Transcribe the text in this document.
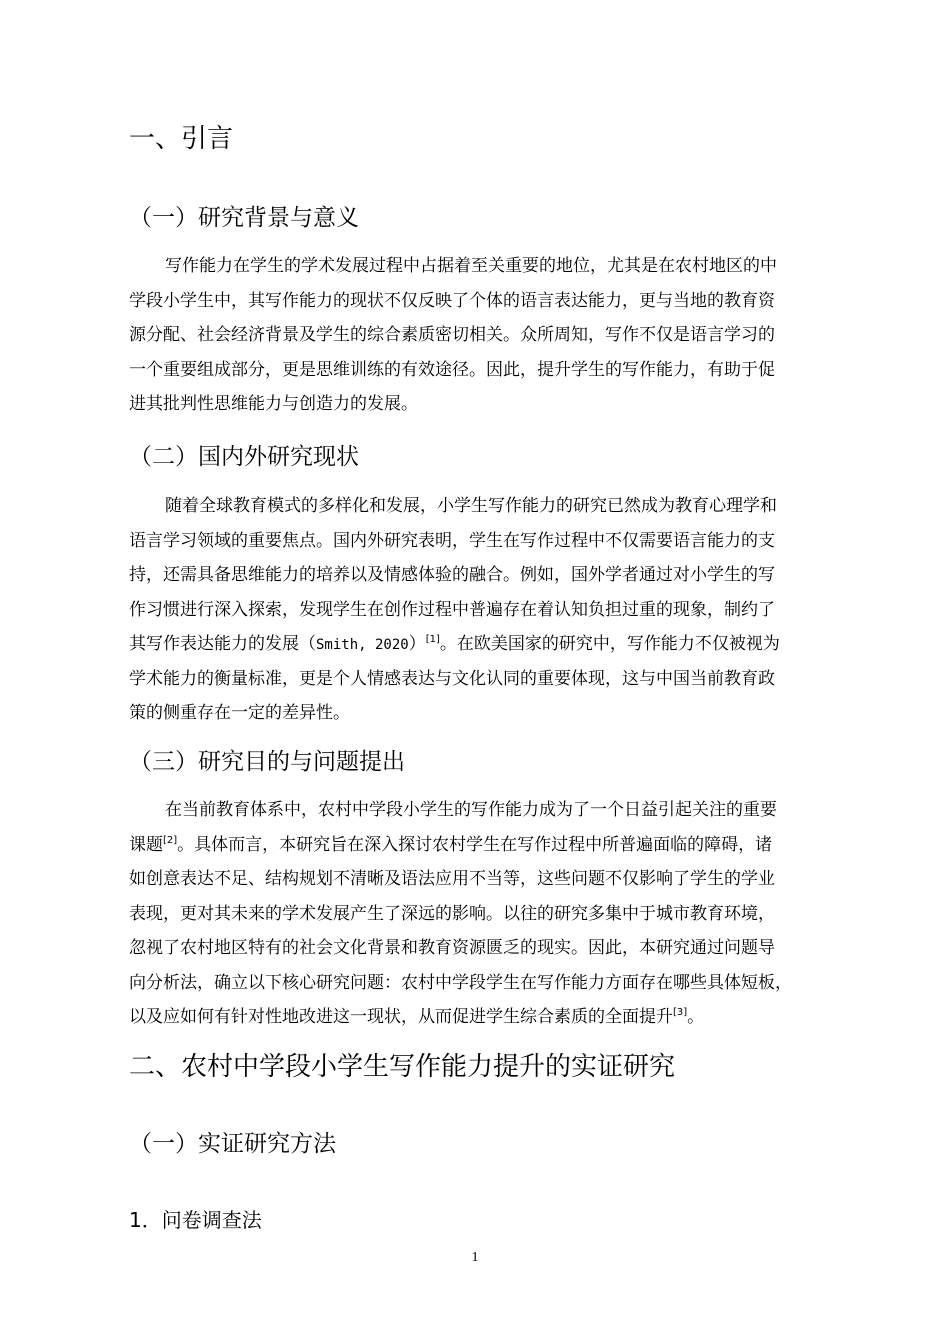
一、引言
（一）研究背景与意义
写作能力在学生的学术发展过程中占据着至关重要的地位，尤其是在农村地区的中
学段小学生中，其写作能力的现状不仅反映了个体的语言表达能力，更与当地的教育资
源分配、社会经济背景及学生的综合素质密切相关。众所周知，写作不仅是语言学习的
一个重要组成部分，更是思维训练的有效途径。因此，提升学生的写作能力，有助于促
进其批判性思维能力与创造力的发展。
（二）国内外研究现状
随着全球教育模式的多样化和发展，小学生写作能力的研究已然成为教育心理学和
语言学习领域的重要焦点。国内外研究表明，学生在写作过程中不仅需要语言能力的支
持，还需具备思维能力的培养以及情感体验的融合。例如，国外学者通过对小学生的写
作习惯进行深入探索，发现学生在创作过程中普遍存在着认知负担过重的现象，制约了
其写作表达能力的发展（Smith, 2020）[1]。在欧美国家的研究中，写作能力不仅被视为
学术能力的衡量标准，更是个人情感表达与文化认同的重要体现，这与中国当前教育政
策的侧重存在一定的差异性。
（三）研究目的与问题提出
在当前教育体系中，农村中学段小学生的写作能力成为了一个日益引起关注的重要
课题[2]。具体而言，本研究旨在深入探讨农村学生在写作过程中所普遍面临的障碍，诸
如创意表达不足、结构规划不清晰及语法应用不当等，这些问题不仅影响了学生的学业
表现，更对其未来的学术发展产生了深远的影响。以往的研究多集中于城市教育环境，
忽视了农村地区特有的社会文化背景和教育资源匮乏的现实。因此，本研究通过问题导
向分析法，确立以下核心研究问题：农村中学段学生在写作能力方面存在哪些具体短板，
以及应如何有针对性地改进这一现状，从而促进学生综合素质的全面提升[3]。
二、农村中学段小学生写作能力提升的实证研究
（一）实证研究方法
1．问卷调查法
1
